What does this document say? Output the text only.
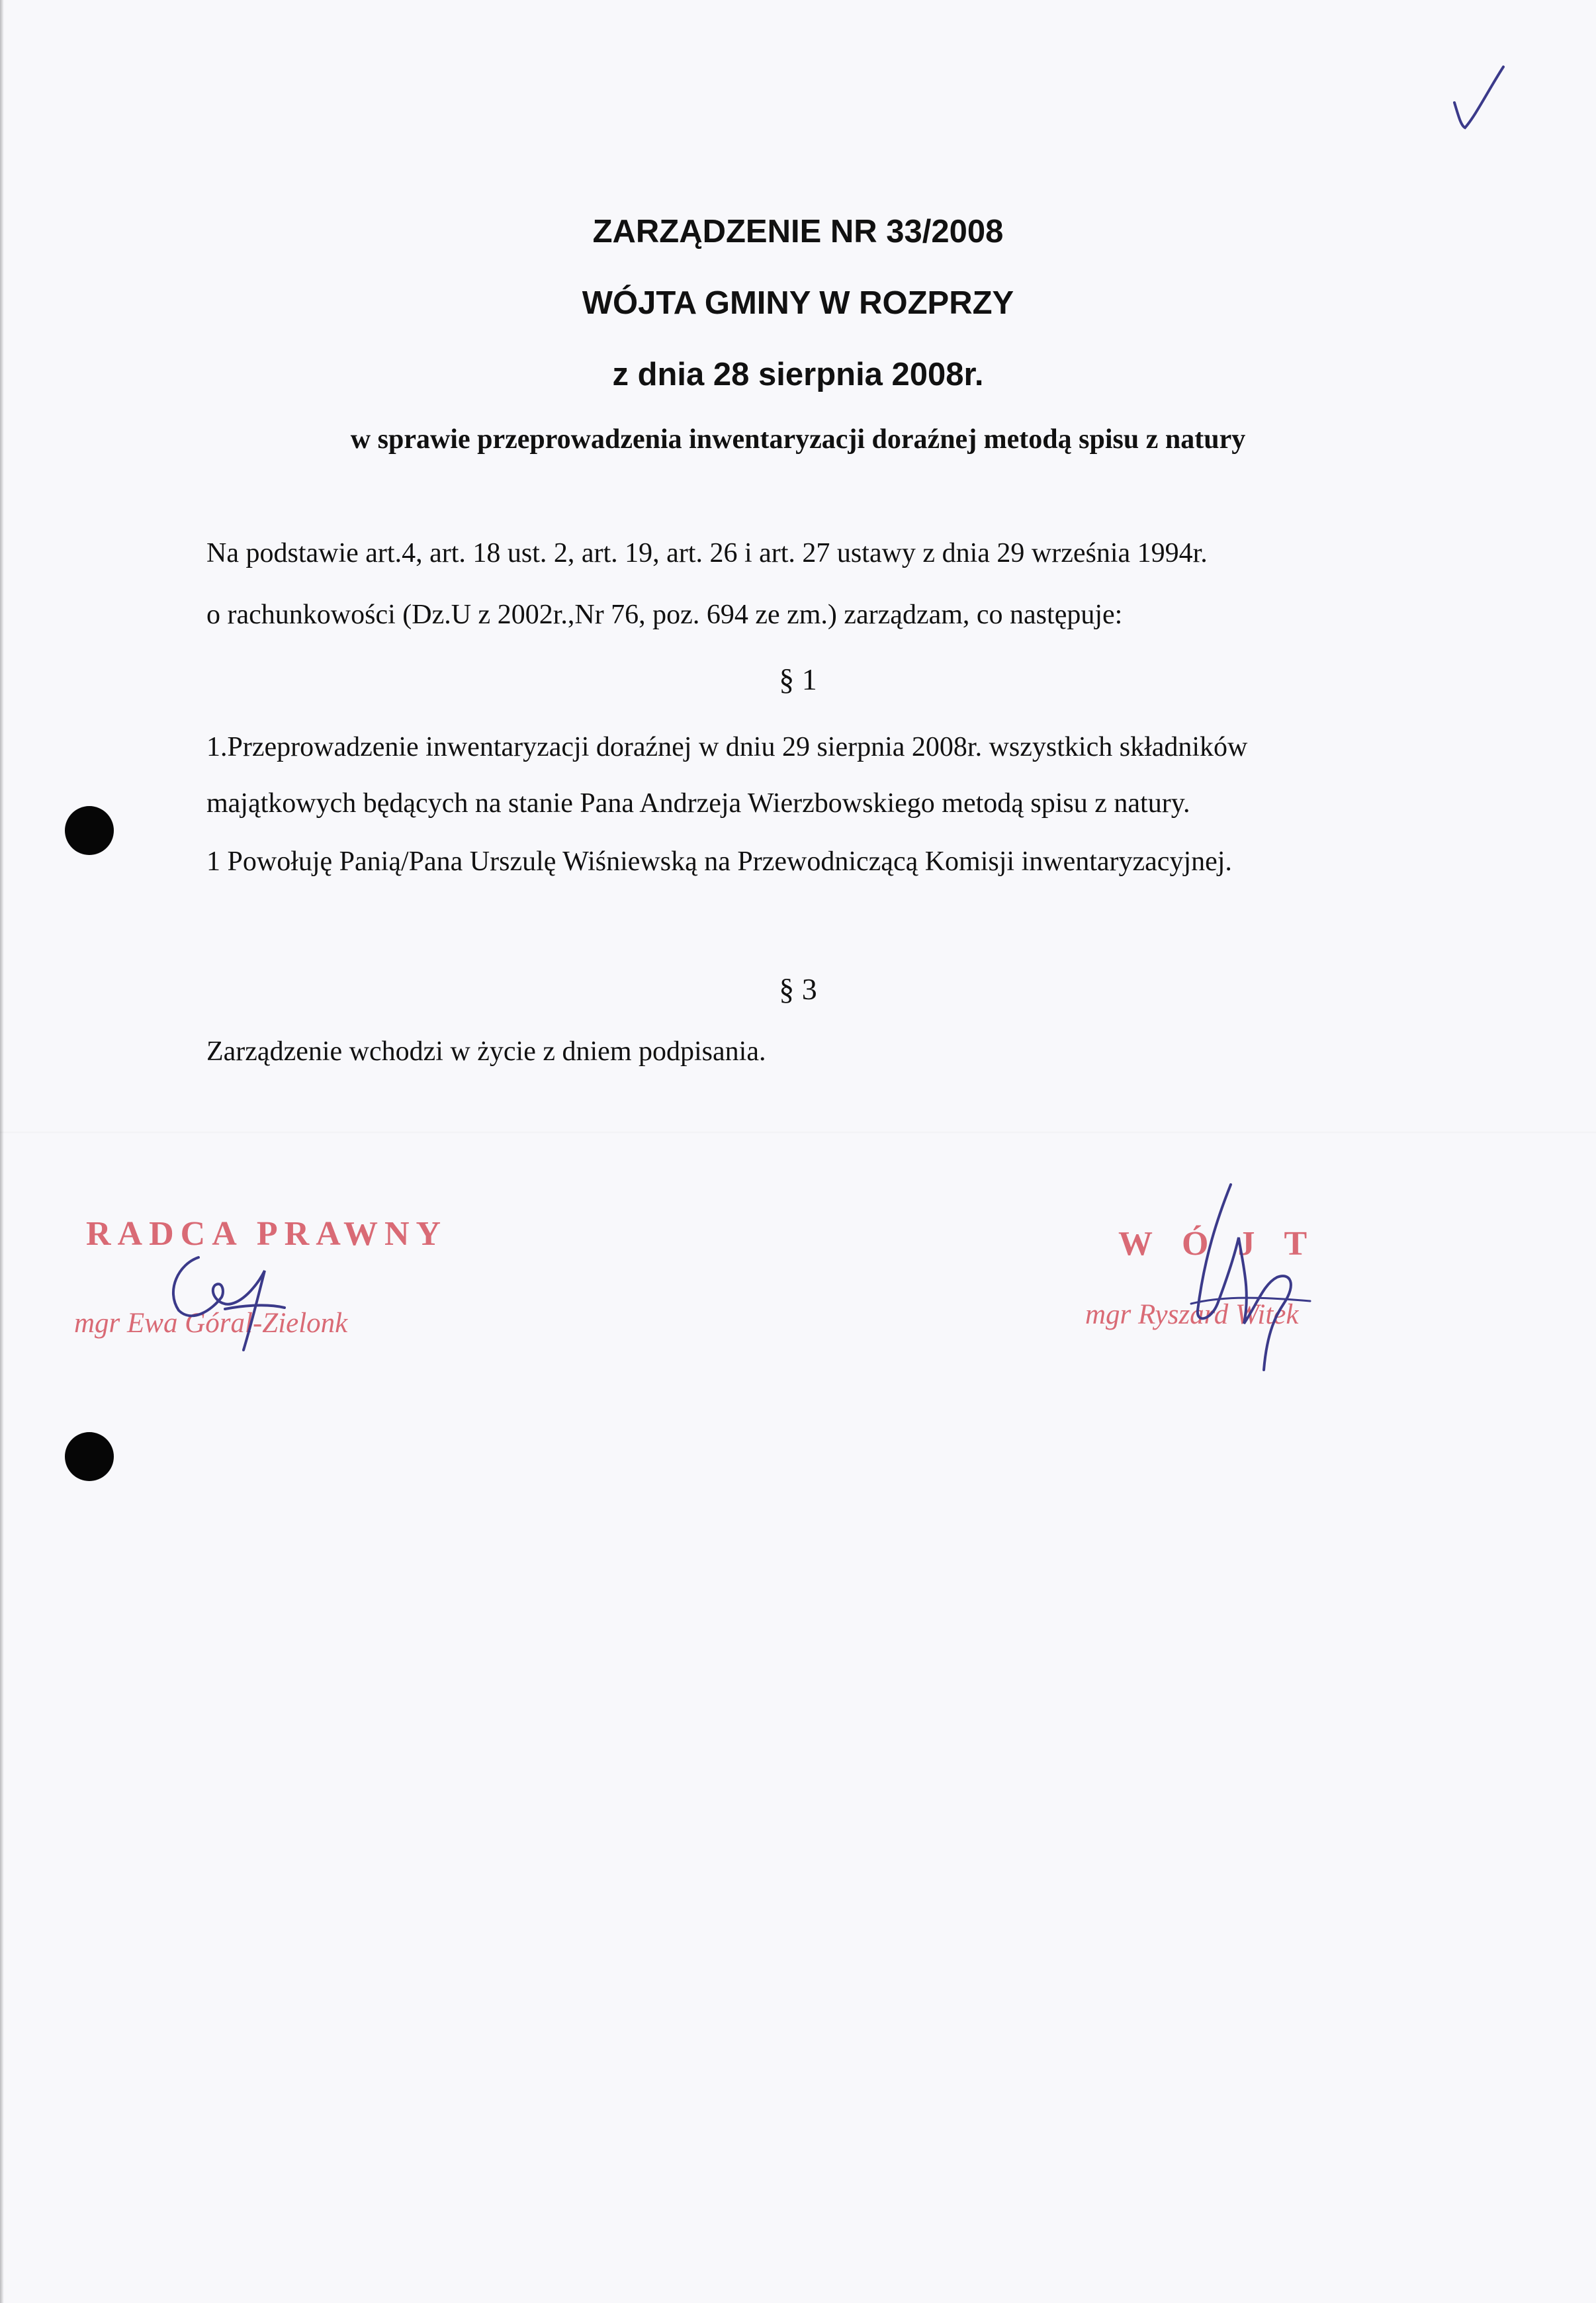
ZARZĄDZENIE NR 33/2008
WÓJTA GMINY W ROZPRZY
z dnia 28 sierpnia 2008r.
w sprawie przeprowadzenia inwentaryzacji doraźnej metodą spisu z natury
Na podstawie art.4, art. 18 ust. 2, art. 19, art. 26 i art. 27 ustawy z dnia 29 września 1994r.
o rachunkowości (Dz.U z 2002r.,Nr 76, poz. 694 ze zm.) zarządzam, co następuje:
§ 1
1.Przeprowadzenie inwentaryzacji doraźnej w dniu 29 sierpnia 2008r. wszystkich składników
majątkowych będących na stanie Pana Andrzeja Wierzbowskiego metodą spisu z natury.
1 Powołuję Panią/Pana Urszulę Wiśniewską na Przewodniczącą Komisji inwentaryzacyjnej.
§ 3
Zarządzenie wchodzi w życie z dniem podpisania.
RADCA PRAWNY
mgr Ewa Góral-Zielonk
WÓJT
mgr Ryszard Witek
